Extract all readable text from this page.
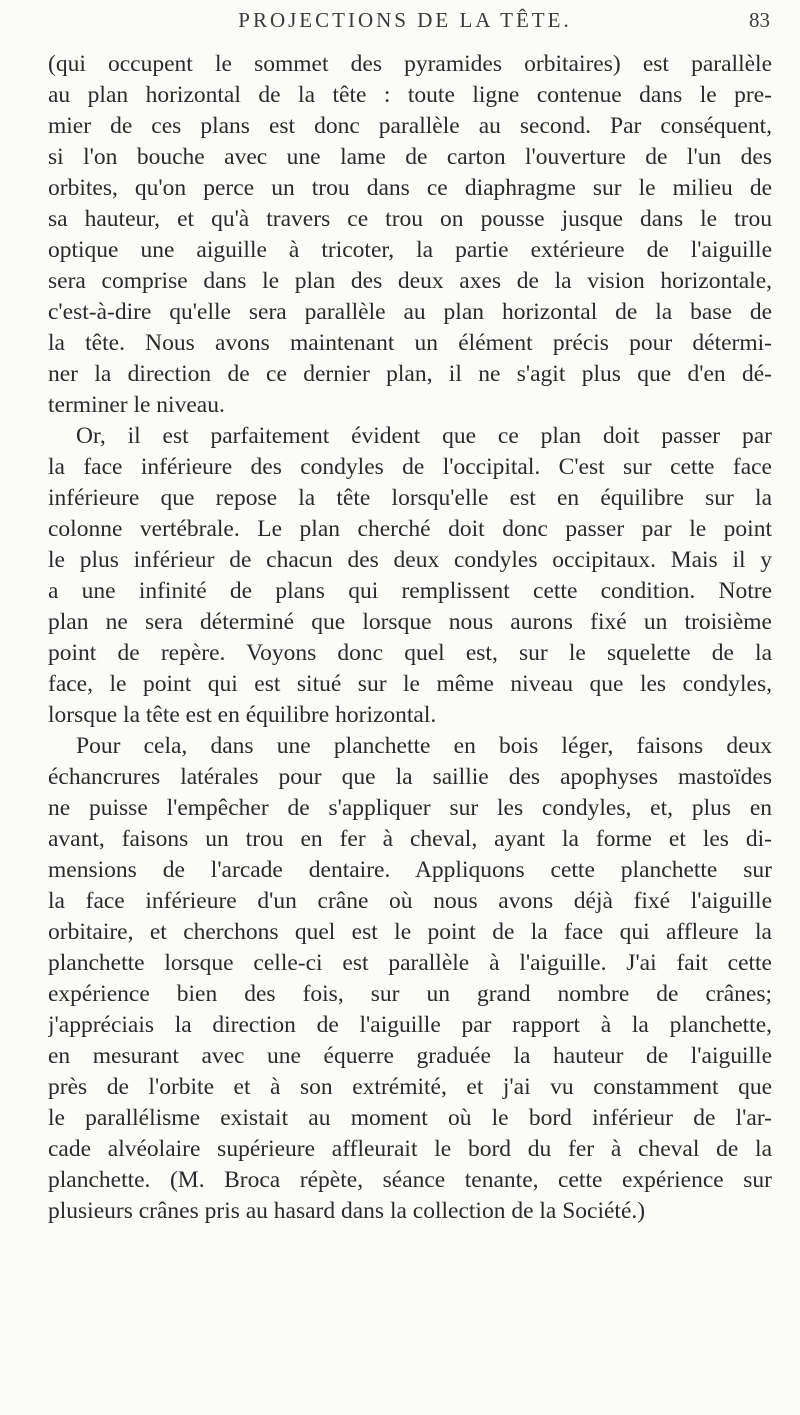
PROJECTIONS DE LA TÊTE.	83
(qui occupent le sommet des pyramides orbitaires) est parallèle
au plan horizontal de la tête : toute ligne contenue dans le pre-
mier de ces plans est donc parallèle au second. Par conséquent,
si l'on bouche avec une lame de carton l'ouverture de l'un des
orbites, qu'on perce un trou dans ce diaphragme sur le milieu de
sa hauteur, et qu'à travers ce trou on pousse jusque dans le trou
optique une aiguille à tricoter, la partie extérieure de l'aiguille
sera comprise dans le plan des deux axes de la vision horizontale,
c'est-à-dire qu'elle sera parallèle au plan horizontal de la base de
la tête. Nous avons maintenant un élément précis pour détermi-
ner la direction de ce dernier plan, il ne s'agit plus que d'en dé-
terminer le niveau.
Or, il est parfaitement évident que ce plan doit passer par
la face inférieure des condyles de l'occipital. C'est sur cette face
inférieure que repose la tête lorsqu'elle est en équilibre sur la
colonne vertébrale. Le plan cherché doit donc passer par le point
le plus inférieur de chacun des deux condyles occipitaux. Mais il y
a une infinité de plans qui remplissent cette condition. Notre
plan ne sera déterminé que lorsque nous aurons fixé un troisième
point de repère. Voyons donc quel est, sur le squelette de la
face, le point qui est situé sur le même niveau que les condyles,
lorsque la tête est en équilibre horizontal.
Pour cela, dans une planchette en bois léger, faisons deux
échancrures latérales pour que la saillie des apophyses mastoïdes
ne puisse l'empêcher de s'appliquer sur les condyles, et, plus en
avant, faisons un trou en fer à cheval, ayant la forme et les di-
mensions de l'arcade dentaire. Appliquons cette planchette sur
la face inférieure d'un crâne où nous avons déjà fixé l'aiguille
orbitaire, et cherchons quel est le point de la face qui affleure la
planchette lorsque celle-ci est parallèle à l'aiguille. J'ai fait cette
expérience bien des fois, sur un grand nombre de crânes;
j'appréciais la direction de l'aiguille par rapport à la planchette,
en mesurant avec une équerre graduée la hauteur de l'aiguille
près de l'orbite et à son extrémité, et j'ai vu constamment que
le parallélisme existait au moment où le bord inférieur de l'ar-
cade alvéolaire supérieure affleurait le bord du fer à cheval de la
planchette. (M. Broca répète, séance tenante, cette expérience sur
plusieurs crânes pris au hasard dans la collection de la Société.)
